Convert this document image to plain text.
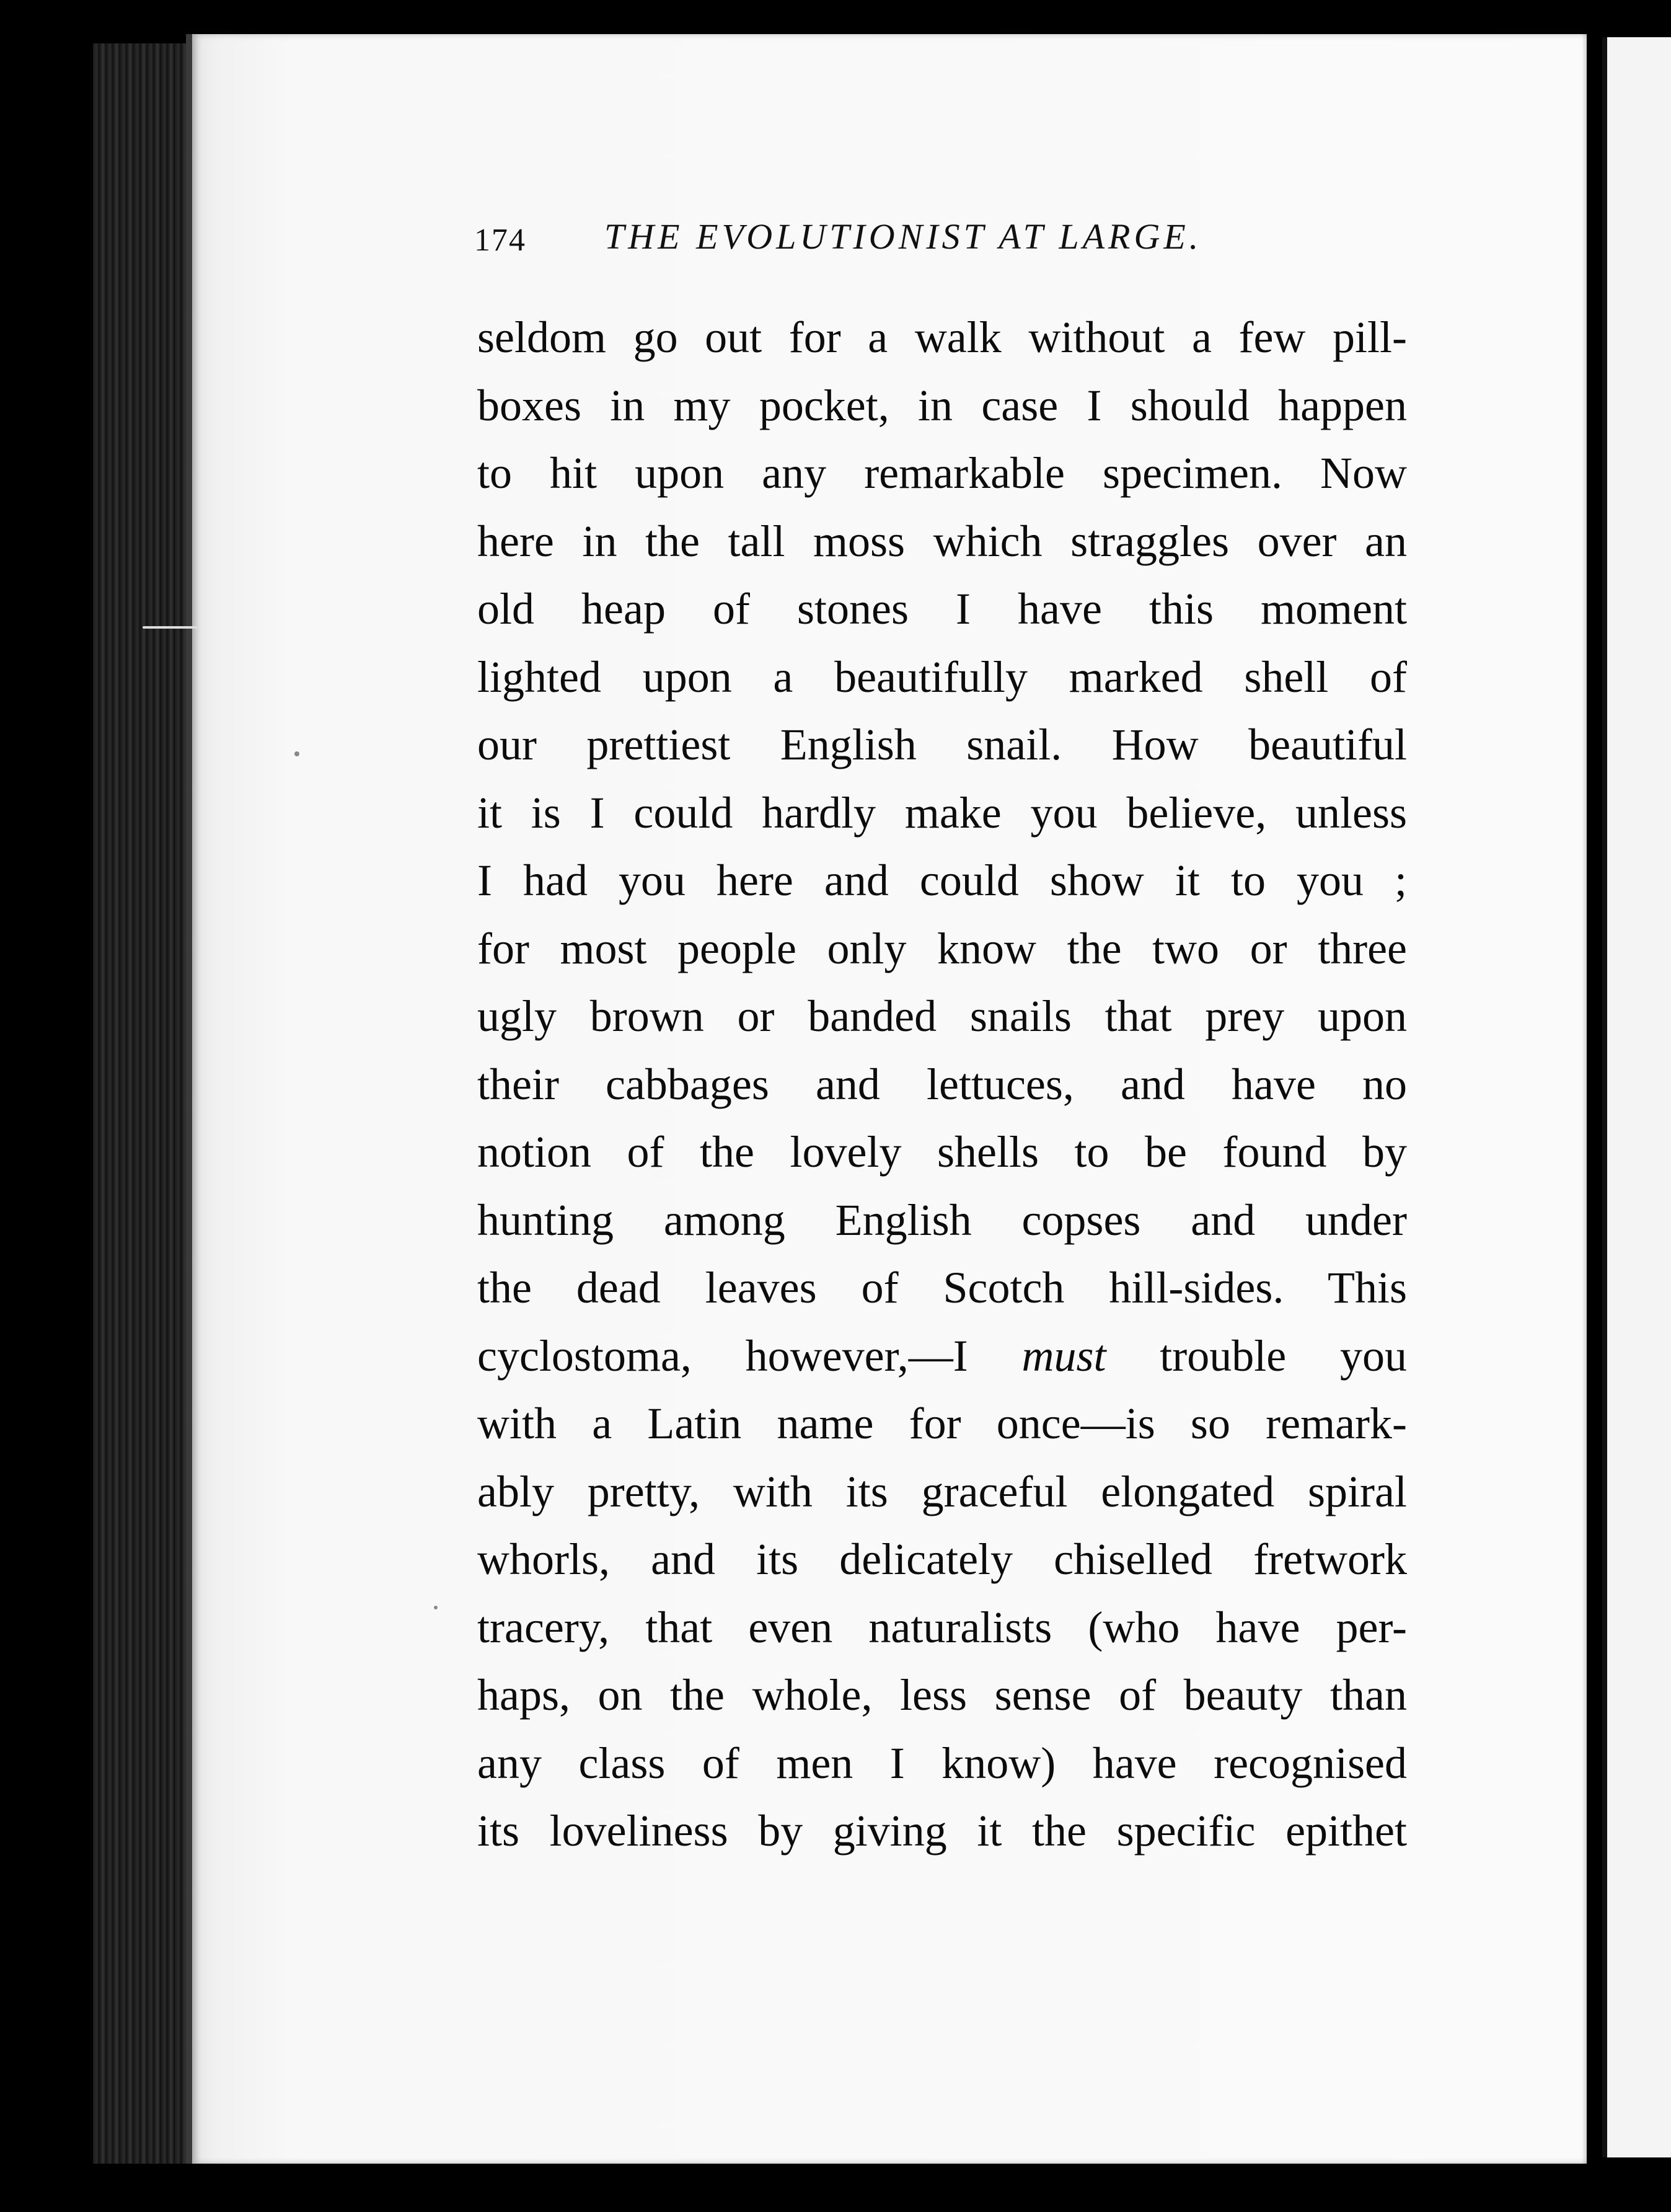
174 THE EVOLUTIONIST AT LARGE.
seldom go out for a walk without a few pill-
boxes in my pocket, in case I should happen
to hit upon any remarkable specimen. Now
here in the tall moss which straggles over an
old heap of stones I have this moment
lighted upon a beautifully marked shell of
our prettiest English snail. How beautiful
it is I could hardly make you believe, unless
I had you here and could show it to you ;
for most people only know the two or three
ugly brown or banded snails that prey upon
their cabbages and lettuces, and have no
notion of the lovely shells to be found by
hunting among English copses and under
the dead leaves of Scotch hill-sides. This
cyclostoma, however,—I must trouble you
with a Latin name for once—is so remark-
ably pretty, with its graceful elongated spiral
whorls, and its delicately chiselled fretwork
tracery, that even naturalists (who have per-
haps, on the whole, less sense of beauty than
any class of men I know) have recognised
its loveliness by giving it the specific epithet
